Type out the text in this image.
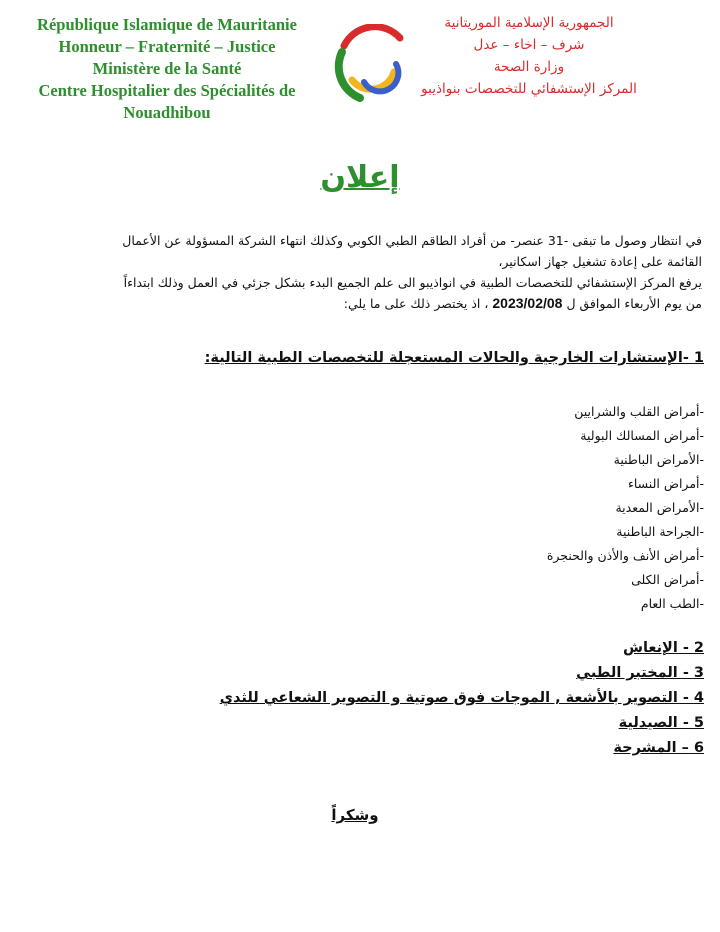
République Islamique de Mauritanie
Honneur – Fraternité – Justice
Ministère de la Santé
Centre Hospitalier des Spécialités de
Nouadhibou
الجمهورية الإسلامية الموريتانية
شرف – اخاء – عدل
وزارة الصحة
المركز الإستشفائي للتخصصات بنواذيبو
إعلان
في انتظار وصول ما تبقى -31 عنصر- من أفراد الطاقم الطبي الكوبي وكذلك انتهاء الشركة المسؤولة عن الأعمال
القائمة على إعادة تشغيل جهاز اسكانير،
يرفع المركز الإستشفائي للتخصصات الطبية في انواذيبو الى علم الجميع البدء بشكل جزئي في العمل وذلك ابتداءاً
من يوم الأربعاء الموافق ل 2023/02/08 ، اذ يختصر ذلك على ما يلي:
1 -الإستشارات الخارجية والحالات المستعجلة للتخصصات الطبية التالية:
-أمراض القلب والشرايين
-أمراض المسالك البولية
-الأمراض الباطنية
-أمراض النساء
-الأمراض المعدية
-الجراحة الباطنية
-أمراض الأنف والأذن والحنجرة
-أمراض الكلى
-الطب العام
2 - الإنعاش
3 - المختبر الطبي
4 - التصوير بالأشعة , الموجات فوق صوتية و التصوير الشعاعي للثدي
5 - الصيدلية
6 – المشرحة
وشكراً
